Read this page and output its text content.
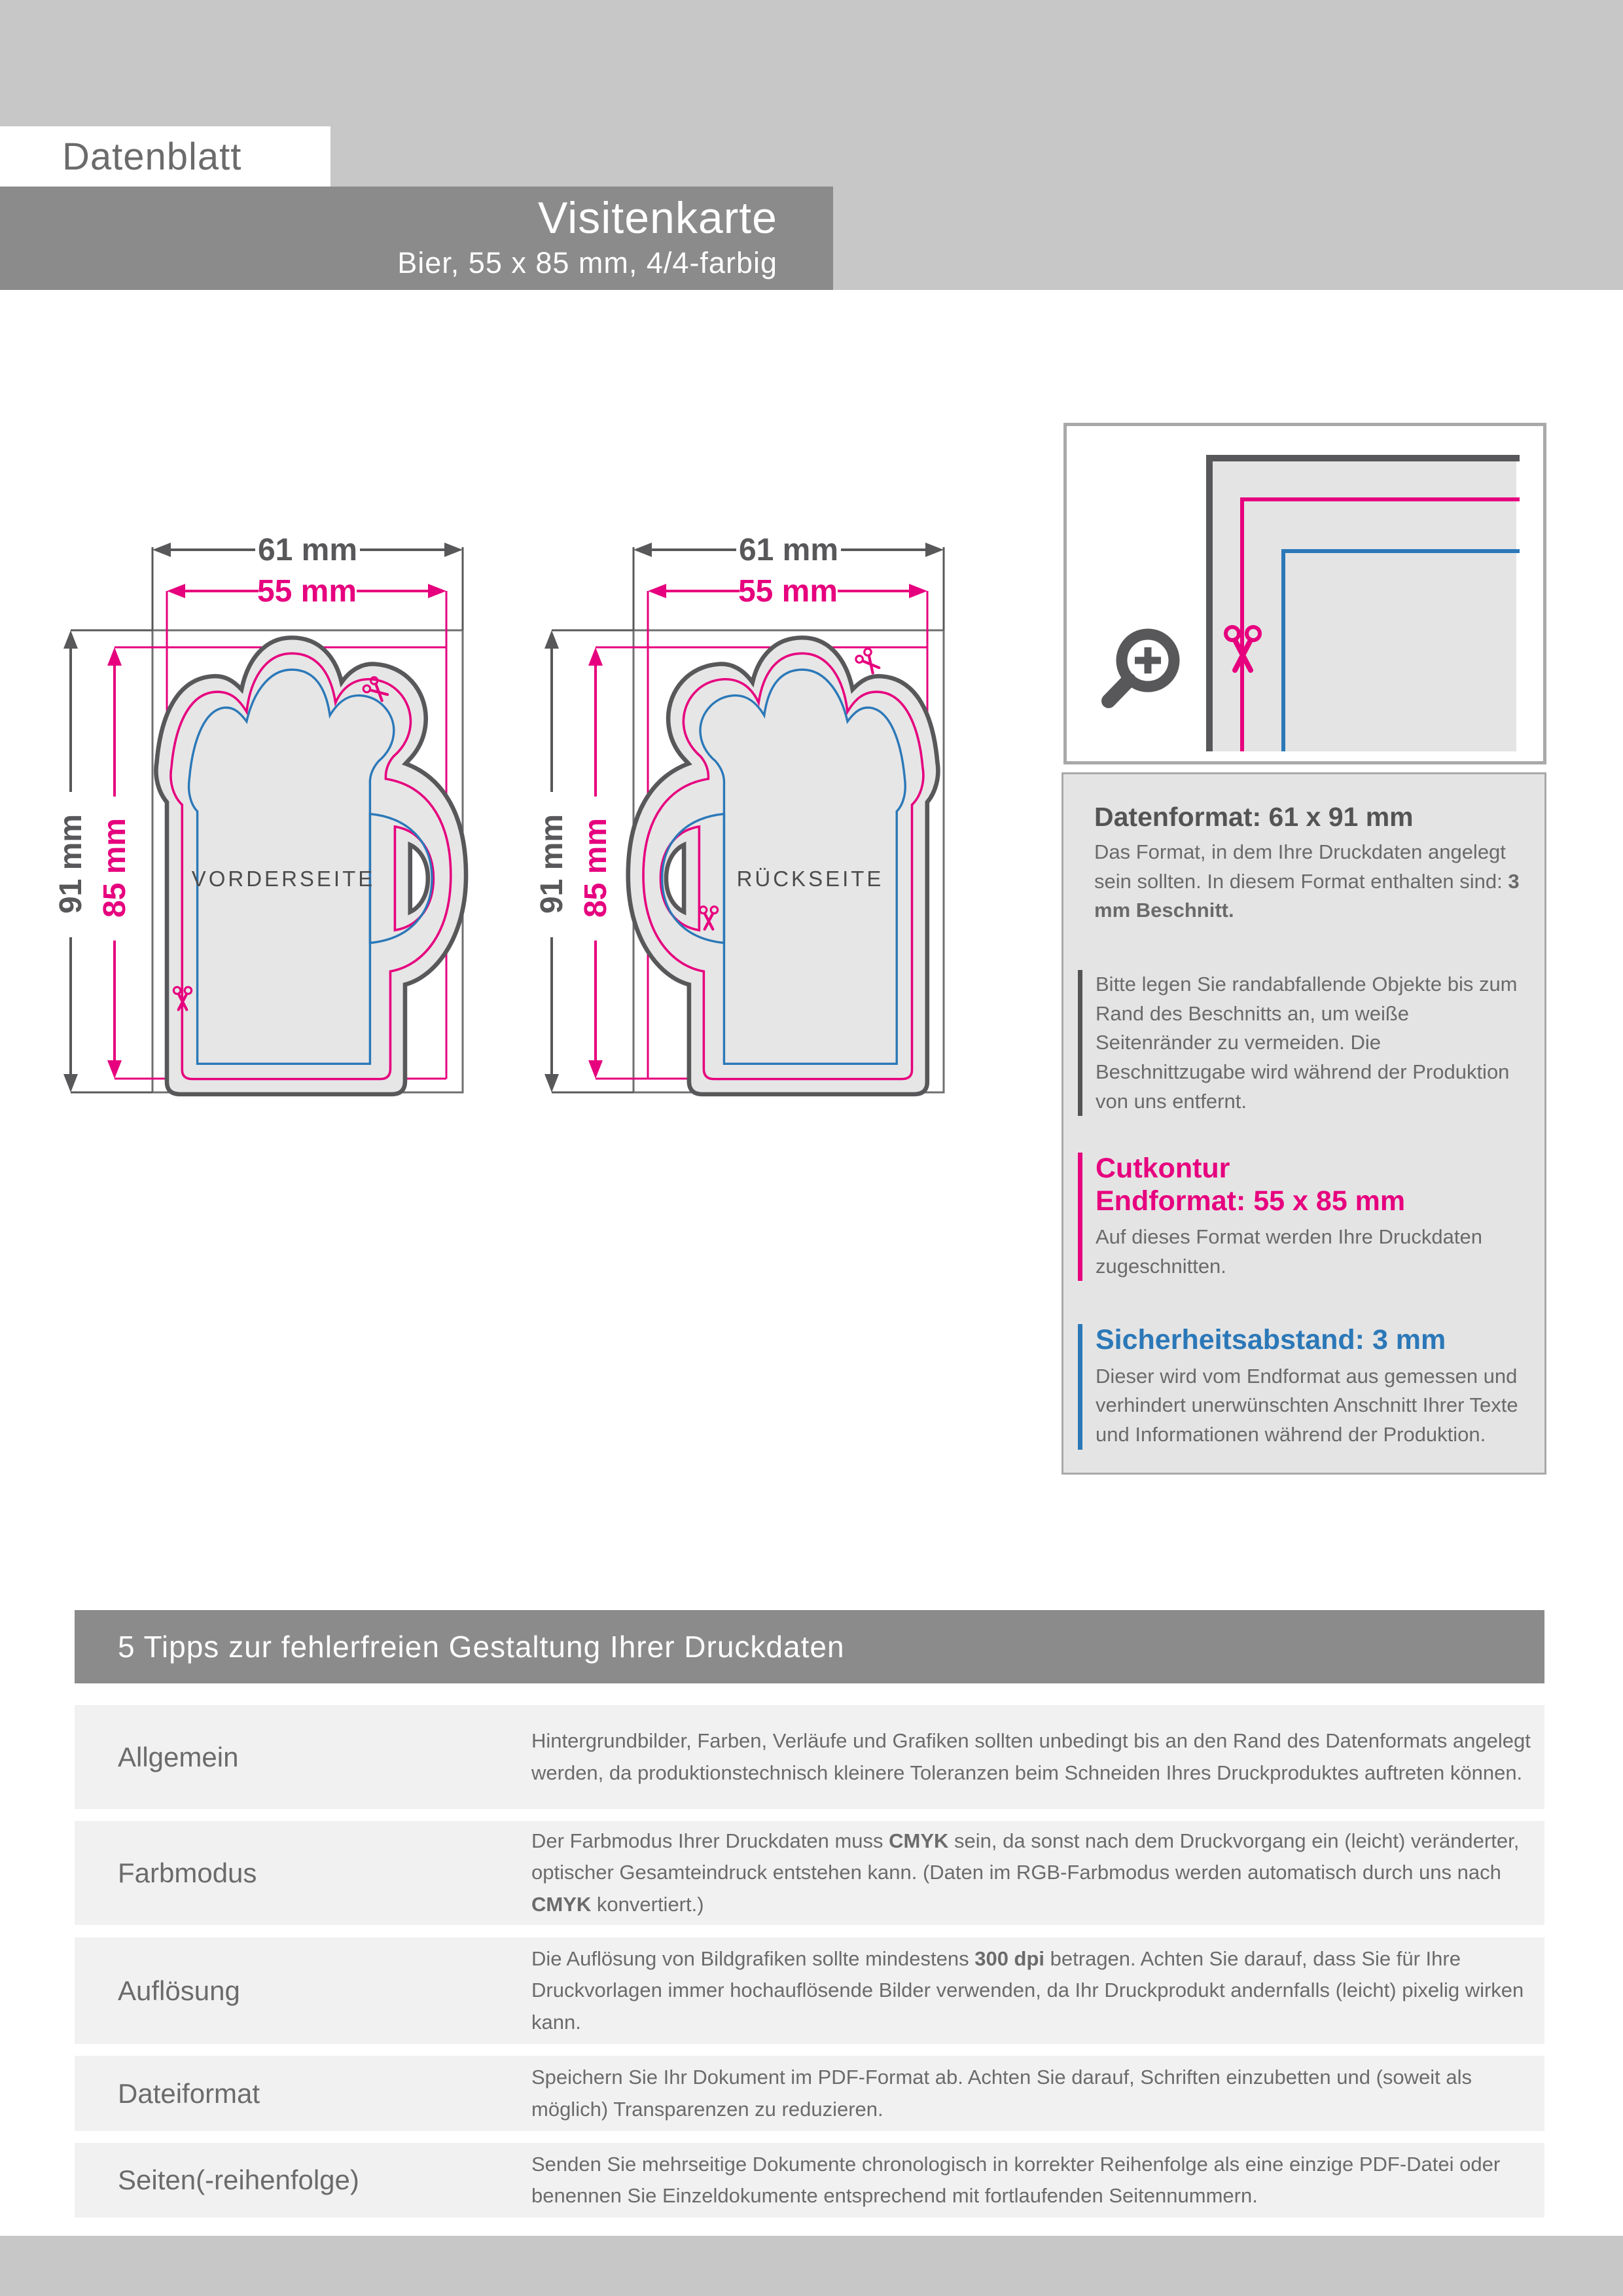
Datenblatt
Visitenkarte
Bier, 55 x 85 mm, 4/4-farbig
61 mm
55 mm
91 mm 85 mm	VORDERSEITE
61 mm
55 mm
91 mm 85 mm	RÜCKSEITE
Datenformat: 61 x 91 mm
Das Format, in dem Ihre Druckdaten angelegt sein sollten. In diesem Format enthalten sind: 3 mm Beschnitt.
Bitte legen Sie randabfallende Objekte bis zum Rand des Beschnitts an, um weiße Seitenränder zu vermeiden. Die Beschnittzugabe wird während der Produktion von uns entfernt.
Cutkontur
Endformat: 55 x 85 mm
Auf dieses Format werden Ihre Druckdaten zugeschnitten.
Sicherheitsabstand: 3 mm
Dieser wird vom Endformat aus gemessen und verhindert unerwünschten Anschnitt Ihrer Texte und Informationen während der Produktion.
5 Tipps zur fehlerfreien Gestaltung Ihrer Druckdaten
Allgemein
Hintergrundbilder, Farben, Verläufe und Grafiken sollten unbedingt bis an den Rand des Datenformats angelegt werden, da produktionstechnisch kleinere Toleranzen beim Schneiden Ihres Druckproduktes auftreten können.
Farbmodus
Der Farbmodus Ihrer Druckdaten muss CMYK sein, da sonst nach dem Druckvorgang ein (leicht) veränderter, optischer Gesamteindruck entstehen kann. (Daten im RGB-Farbmodus werden automatisch durch uns nach CMYK konvertiert.)
Auflösung
Die Auflösung von Bildgrafiken sollte mindestens 300 dpi betragen. Achten Sie darauf, dass Sie für Ihre Druckvorlagen immer hochauflösende Bilder verwenden, da Ihr Druckprodukt andernfalls (leicht) pixelig wirken kann.
Dateiformat
Speichern Sie Ihr Dokument im PDF-Format ab. Achten Sie darauf, Schriften einzubetten und (soweit als möglich) Transparenzen zu reduzieren.
Seiten(-reihenfolge)
Senden Sie mehrseitige Dokumente chronologisch in korrekter Reihenfolge als eine einzige PDF-Datei oder benennen Sie Einzeldokumente entsprechend mit fortlaufenden Seitennummern.
